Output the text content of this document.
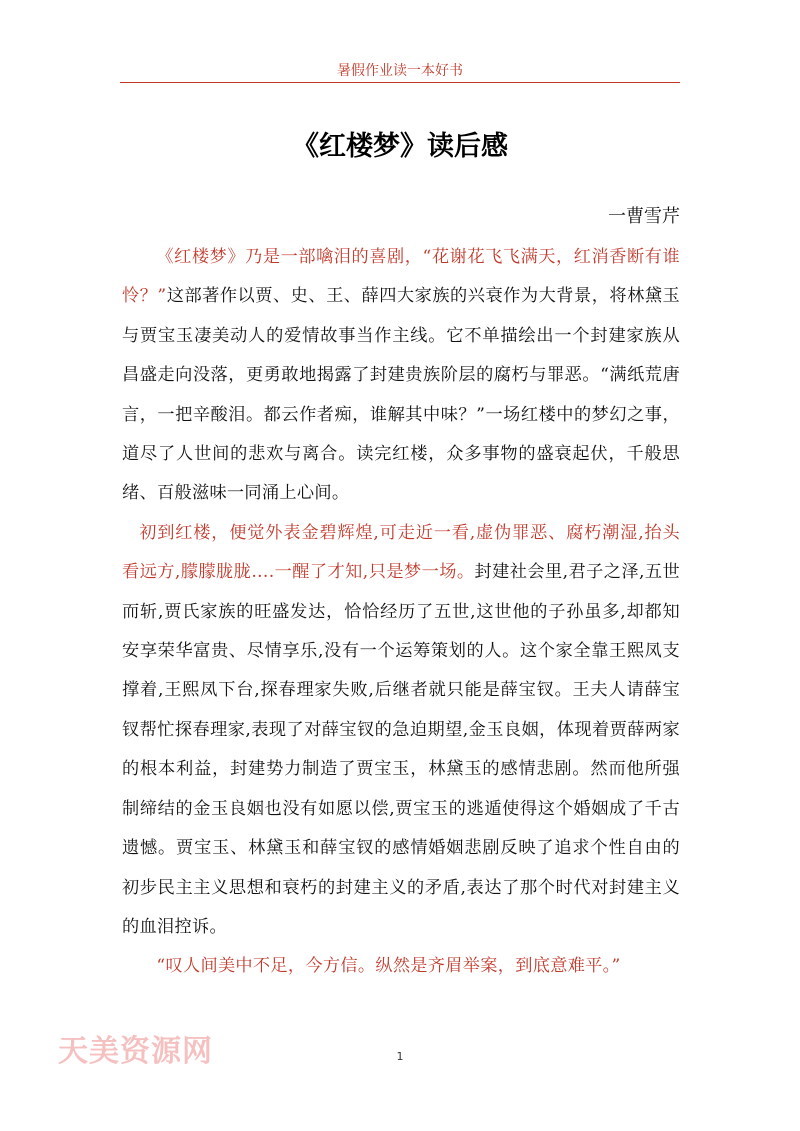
暑假作业读一本好书
《红楼梦》读后感
一曹雪芹

《红楼梦》乃是一部噙泪的喜剧，“花谢花飞飞满天，红消香断有谁怜？”这部著作以贾、史、王、薛四大家族的兴衰作为大背景，将林黛玉与贾宝玉凄美动人的爱情故事当作主线。它不单描绘出一个封建家族从昌盛走向没落，更勇敢地揭露了封建贵族阶层的腐朽与罪恶。“满纸荒唐言，一把辛酸泪。都云作者痴，谁解其中味？”一场红楼中的梦幻之事，道尽了人世间的悲欢与离合。读完红楼，众多事物的盛衰起伏，千般思绪、百般滋味一同涌上心间。

初到红楼，便觉外表金碧辉煌,可走近一看,虚伪罪恶、腐朽潮湿,抬头看远方,朦朦胧胧….一醒了才知,只是梦一场。封建社会里,君子之泽,五世而斩,贾氏家族的旺盛发达，恰恰经历了五世,这世他的子孙虽多,却都知安享荣华富贵、尽情享乐,没有一个运筹策划的人。这个家全靠王熙凤支撑着,王熙凤下台,探春理家失败,后继者就只能是薛宝钗。王夫人请薛宝钗帮忙探春理家,表现了对薛宝钗的急迫期望,金玉良姻，体现着贾薛两家的根本利益，封建势力制造了贾宝玉，林黛玉的感情悲剧。然而他所强制缔结的金玉良姻也没有如愿以偿,贾宝玉的逃遁使得这个婚姻成了千古遗憾。贾宝玉、林黛玉和薛宝钗的感情婚姻悲剧反映了追求个性自由的初步民主主义思想和衰朽的封建主义的矛盾,表达了那个时代对封建主义的血泪控诉。

“叹人间美中不足，今方信。纵然是齐眉举案，到底意难平。”

天美资源网	1
